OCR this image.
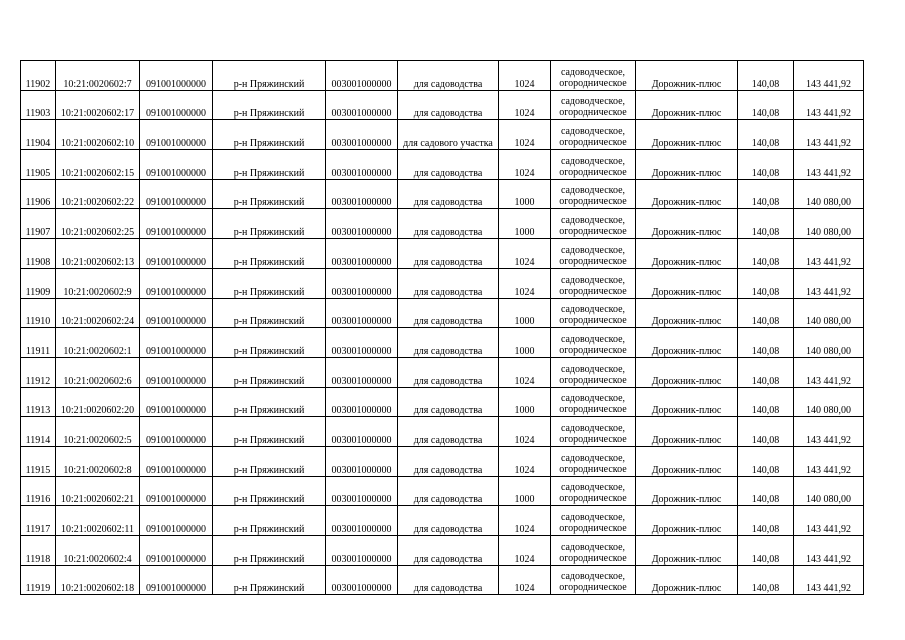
11902	10:21:0020602:7	091001000000	р-н Пряжинский	003001000000	для садоводства	1024	садоводческое,
огородническое	Дорожник-плюс	140,08	143 441,92
11903	10:21:0020602:17	091001000000	р-н Пряжинский	003001000000	для садоводства	1024	садоводческое,
огородническое	Дорожник-плюс	140,08	143 441,92
11904	10:21:0020602:10	091001000000	р-н Пряжинский	003001000000	для садового участка	1024	садоводческое,
огородническое	Дорожник-плюс	140,08	143 441,92
11905	10:21:0020602:15	091001000000	р-н Пряжинский	003001000000	для садоводства	1024	садоводческое,
огородническое	Дорожник-плюс	140,08	143 441,92
11906	10:21:0020602:22	091001000000	р-н Пряжинский	003001000000	для садоводства	1000	садоводческое,
огородническое	Дорожник-плюс	140,08	140 080,00
11907	10:21:0020602:25	091001000000	р-н Пряжинский	003001000000	для садоводства	1000	садоводческое,
огородническое	Дорожник-плюс	140,08	140 080,00
11908	10:21:0020602:13	091001000000	р-н Пряжинский	003001000000	для садоводства	1024	садоводческое,
огородническое	Дорожник-плюс	140,08	143 441,92
11909	10:21:0020602:9	091001000000	р-н Пряжинский	003001000000	для садоводства	1024	садоводческое,
огородническое	Дорожник-плюс	140,08	143 441,92
11910	10:21:0020602:24	091001000000	р-н Пряжинский	003001000000	для садоводства	1000	садоводческое,
огородническое	Дорожник-плюс	140,08	140 080,00
11911	10:21:0020602:1	091001000000	р-н Пряжинский	003001000000	для садоводства	1000	садоводческое,
огородническое	Дорожник-плюс	140,08	140 080,00
11912	10:21:0020602:6	091001000000	р-н Пряжинский	003001000000	для садоводства	1024	садоводческое,
огородническое	Дорожник-плюс	140,08	143 441,92
11913	10:21:0020602:20	091001000000	р-н Пряжинский	003001000000	для садоводства	1000	садоводческое,
огородническое	Дорожник-плюс	140,08	140 080,00
11914	10:21:0020602:5	091001000000	р-н Пряжинский	003001000000	для садоводства	1024	садоводческое,
огородническое	Дорожник-плюс	140,08	143 441,92
11915	10:21:0020602:8	091001000000	р-н Пряжинский	003001000000	для садоводства	1024	садоводческое,
огородническое	Дорожник-плюс	140,08	143 441,92
11916	10:21:0020602:21	091001000000	р-н Пряжинский	003001000000	для садоводства	1000	садоводческое,
огородническое	Дорожник-плюс	140,08	140 080,00
11917	10:21:0020602:11	091001000000	р-н Пряжинский	003001000000	для садоводства	1024	садоводческое,
огородническое	Дорожник-плюс	140,08	143 441,92
11918	10:21:0020602:4	091001000000	р-н Пряжинский	003001000000	для садоводства	1024	садоводческое,
огородническое	Дорожник-плюс	140,08	143 441,92
11919	10:21:0020602:18	091001000000	р-н Пряжинский	003001000000	для садоводства	1024	садоводческое,
огородническое	Дорожник-плюс	140,08	143 441,92
